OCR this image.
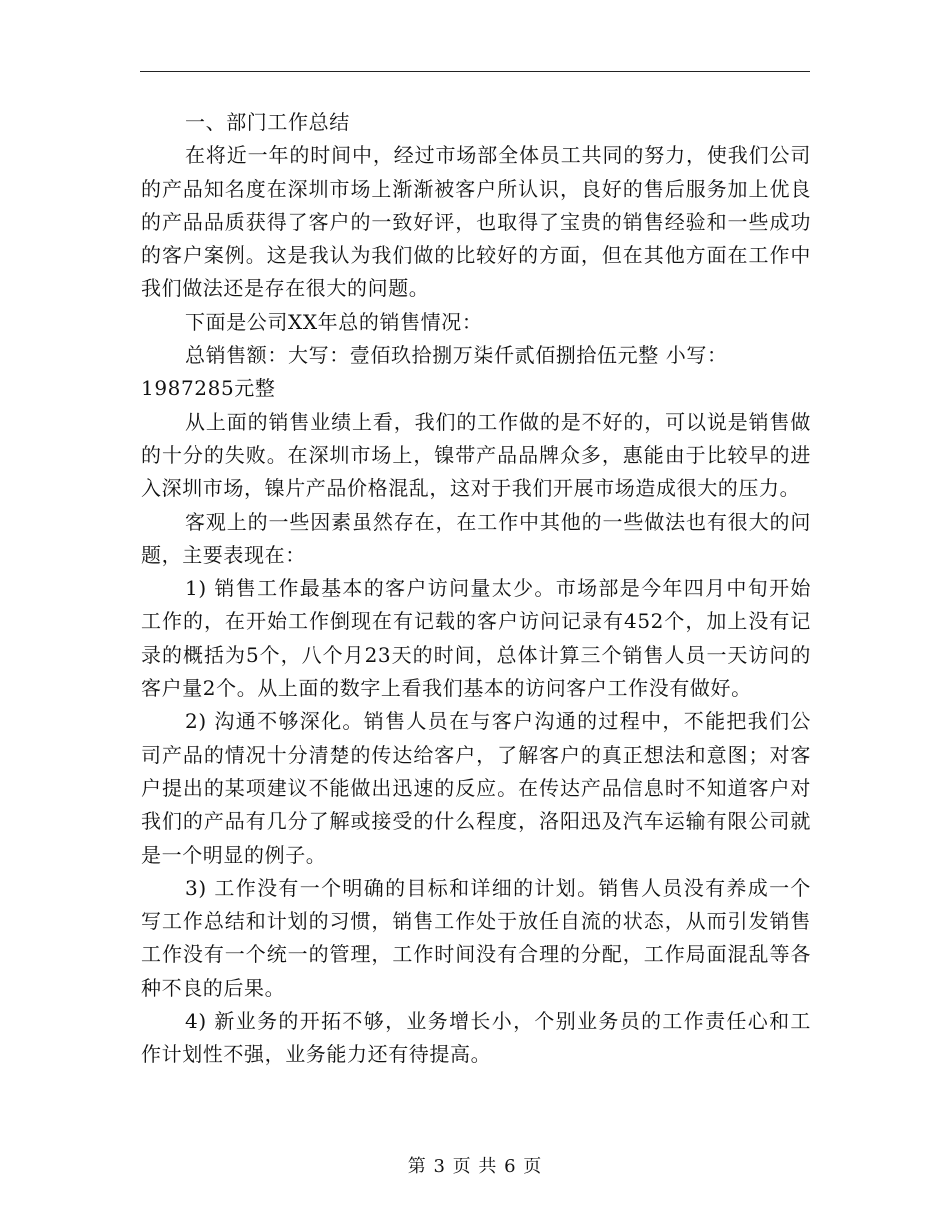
一、部门工作总结

在将近一年的时间中，经过市场部全体员工共同的努力，使我们公司的产品知名度在深圳市场上渐渐被客户所认识，良好的售后服务加上优良的产品品质获得了客户的一致好评，也取得了宝贵的销售经验和一些成功的客户案例。这是我认为我们做的比较好的方面，但在其他方面在工作中我们做法还是存在很大的问题。

下面是公司XX年总的销售情况：

总销售额：大写：壹佰玖拾捌万柒仟贰佰捌拾伍元整 小写：

1987285元整

从上面的销售业绩上看，我们的工作做的是不好的，可以说是销售做的十分的失败。在深圳市场上，镍带产品品牌众多，惠能由于比较早的进入深圳市场，镍片产品价格混乱，这对于我们开展市场造成很大的压力。

客观上的一些因素虽然存在，在工作中其他的一些做法也有很大的问题，主要表现在：

1) 销售工作最基本的客户访问量太少。市场部是今年四月中旬开始工作的，在开始工作倒现在有记载的客户访问记录有452个，加上没有记录的概括为5个，八个月23天的时间，总体计算三个销售人员一天访问的客户量2个。从上面的数字上看我们基本的访问客户工作没有做好。

2) 沟通不够深化。销售人员在与客户沟通的过程中，不能把我们公司产品的情况十分清楚的传达给客户，了解客户的真正想法和意图；对客户提出的某项建议不能做出迅速的反应。在传达产品信息时不知道客户对我们的产品有几分了解或接受的什么程度，洛阳迅及汽车运输有限公司就是一个明显的例子。

3) 工作没有一个明确的目标和详细的计划。销售人员没有养成一个写工作总结和计划的习惯，销售工作处于放任自流的状态，从而引发销售工作没有一个统一的管理，工作时间没有合理的分配，工作局面混乱等各种不良的后果。

4) 新业务的开拓不够，业务增长小，个别业务员的工作责任心和工作计划性不强，业务能力还有待提高。

第 3 页 共 6 页
